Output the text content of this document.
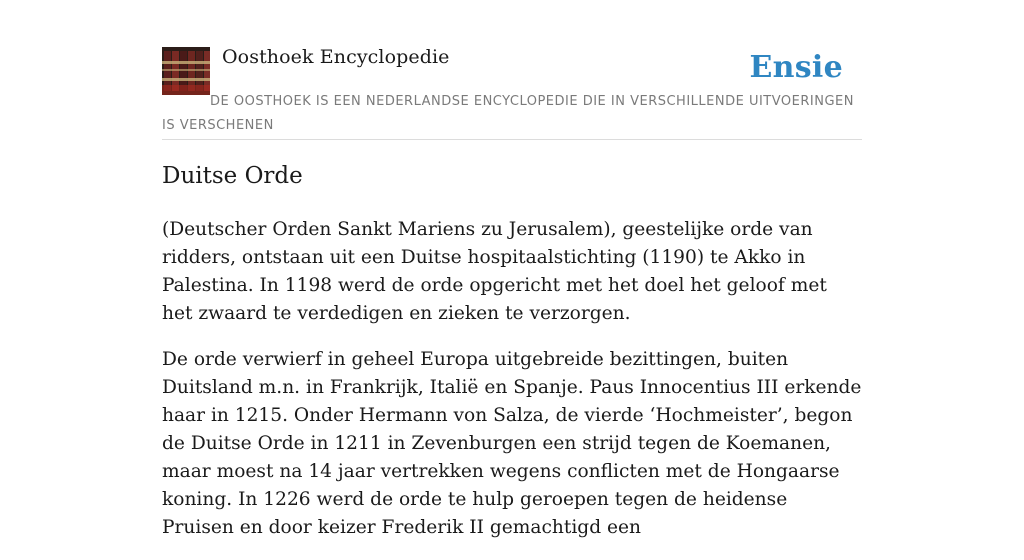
Oosthoek Encyclopedie	Ensie
DE OOSTHOEK IS EEN NEDERLANDSE ENCYCLOPEDIE DIE IN VERSCHILLENDE UITVOERINGEN IS VERSCHENEN
Duitse Orde

(Deutscher Orden Sankt Mariens zu Jerusalem), geestelijke orde van ridders, ontstaan uit een Duitse hospitaalstichting (1190) te Akko in Palestina. In 1198 werd de orde opgericht met het doel het geloof met het zwaard te verdedigen en zieken te verzorgen.

De orde verwierf in geheel Europa uitgebreide bezittingen, buiten Duitsland m.n. in Frankrijk, Italië en Spanje. Paus Innocentius III erkende haar in 1215. Onder Hermann von Salza, de vierde ‘Hochmeister’, begon de Duitse Orde in 1211 in Zevenburgen een strijd tegen de Koemanen, maar moest na 14 jaar vertrekken wegens conflicten met de Hongaarse koning. In 1226 werd de orde te hulp geroepen tegen de heidense Pruisen en door keizer Frederik II gemachtigd een
